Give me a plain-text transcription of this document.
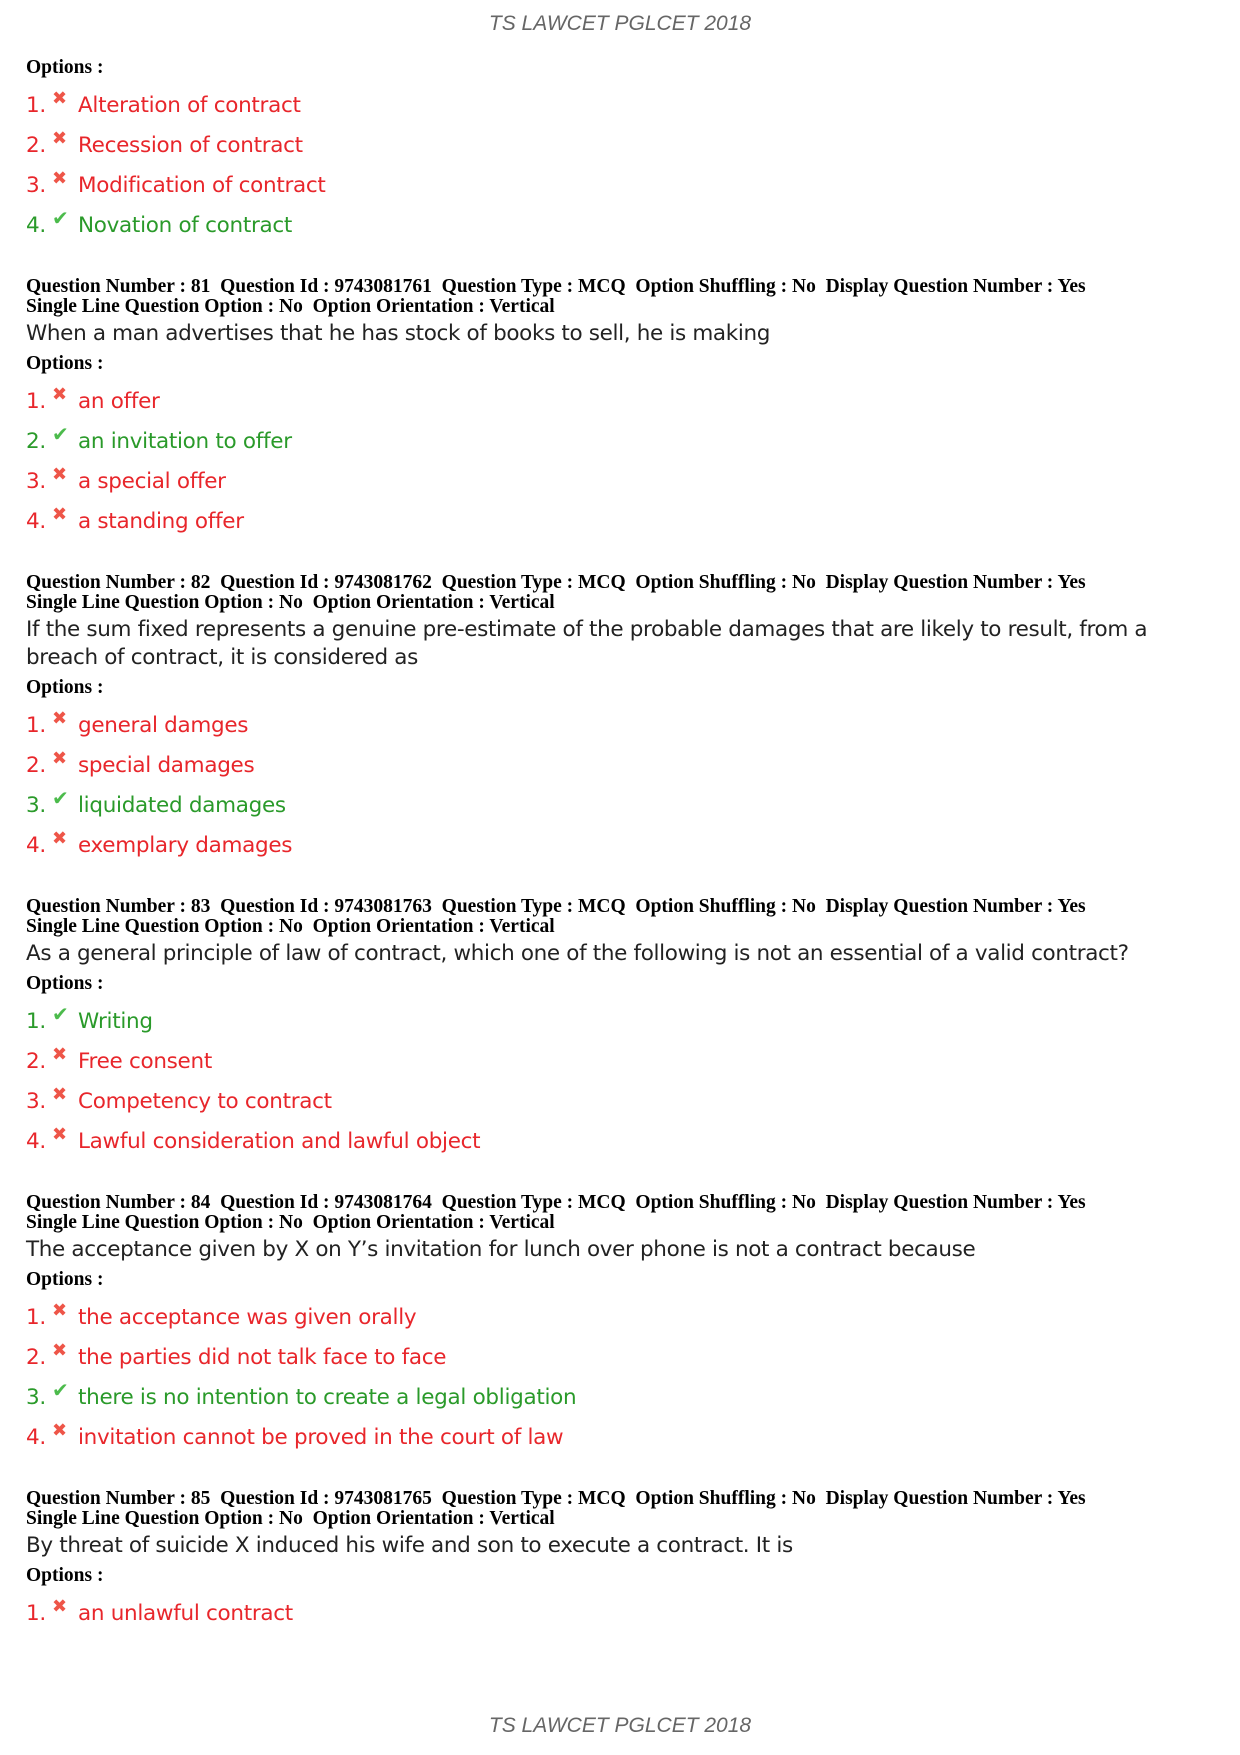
TS LAWCET PGLCET 2018
Options :
1. ✖ Alteration of contract
2. ✖ Recession of contract
3. ✖ Modification of contract
4. ✔ Novation of contract
Question Number : 81  Question Id : 9743081761  Question Type : MCQ  Option Shuffling : No  Display Question Number : Yes
Single Line Question Option : No  Option Orientation : Vertical
When a man advertises that he has stock of books to sell, he is making
Options :
1. ✖ an offer
2. ✔ an invitation to offer
3. ✖ a special offer
4. ✖ a standing offer
Question Number : 82  Question Id : 9743081762  Question Type : MCQ  Option Shuffling : No  Display Question Number : Yes
Single Line Question Option : No  Option Orientation : Vertical
If the sum fixed represents a genuine pre-estimate of the probable damages that are likely to result, from a breach of contract, it is considered as
Options :
1. ✖ general damges
2. ✖ special damages
3. ✔ liquidated damages
4. ✖ exemplary damages
Question Number : 83  Question Id : 9743081763  Question Type : MCQ  Option Shuffling : No  Display Question Number : Yes
Single Line Question Option : No  Option Orientation : Vertical
As a general principle of law of contract, which one of the following is not an essential of a valid contract?
Options :
1. ✔ Writing
2. ✖ Free consent
3. ✖ Competency to contract
4. ✖ Lawful consideration and lawful object
Question Number : 84  Question Id : 9743081764  Question Type : MCQ  Option Shuffling : No  Display Question Number : Yes
Single Line Question Option : No  Option Orientation : Vertical
The acceptance given by X on Y’s invitation for lunch over phone is not a contract because
Options :
1. ✖ the acceptance was given orally
2. ✖ the parties did not talk face to face
3. ✔ there is no intention to create a legal obligation
4. ✖ invitation cannot be proved in the court of law
Question Number : 85  Question Id : 9743081765  Question Type : MCQ  Option Shuffling : No  Display Question Number : Yes
Single Line Question Option : No  Option Orientation : Vertical
By threat of suicide X induced his wife and son to execute a contract. It is
Options :
1. ✖ an unlawful contract
TS LAWCET PGLCET 2018
